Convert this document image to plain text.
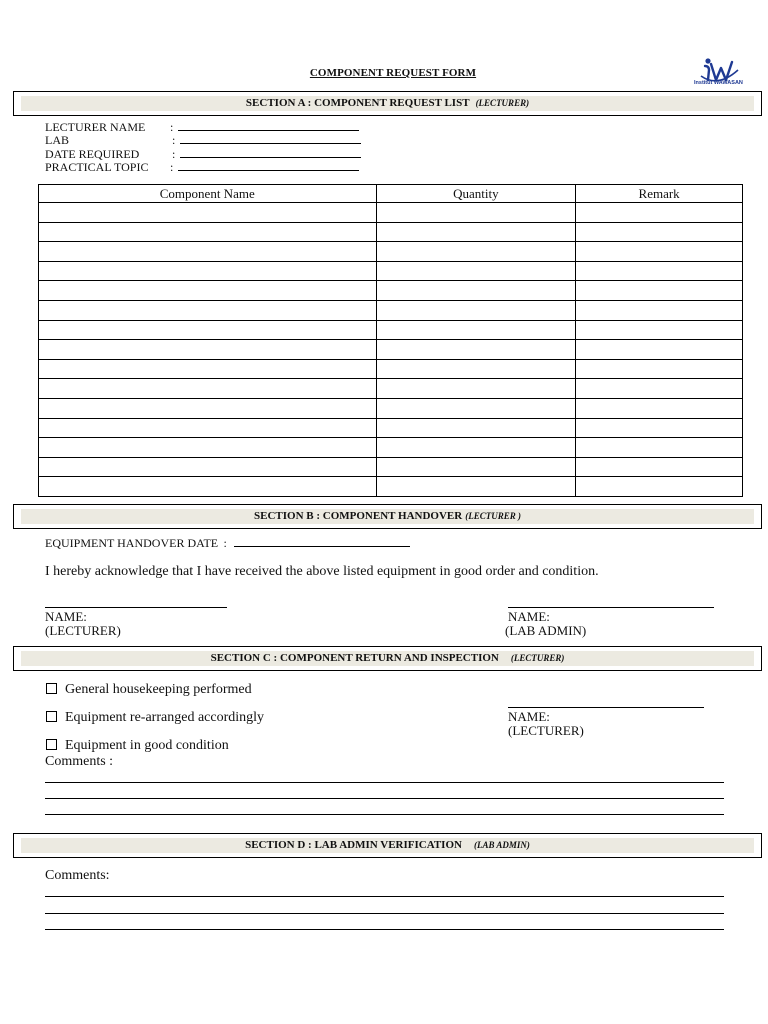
COMPONENT REQUEST FORM
Institut WAWASAN
SECTION A : COMPONENT REQUEST LIST (LECTURER)
LECTURER NAME :
LAB	:
DATE REQUIRED	:
PRACTICAL TOPIC :
Component Name	Quantity	Remark

SECTION B : COMPONENT HANDOVER (LECTURER )
EQUIPMENT HANDOVER DATE :
I hereby acknowledge that I have received the above listed equipment in good order and condition.
NAME:
(LECTURER)
NAME:
(LAB ADMIN)
SECTION C : COMPONENT RETURN AND INSPECTION (LECTURER)
General housekeeping performed
Equipment re-arranged accordingly
Equipment in good condition
NAME:
(LECTURER)
Comments :
SECTION D : LAB ADMIN VERIFICATION (LAB ADMIN)
Comments:
